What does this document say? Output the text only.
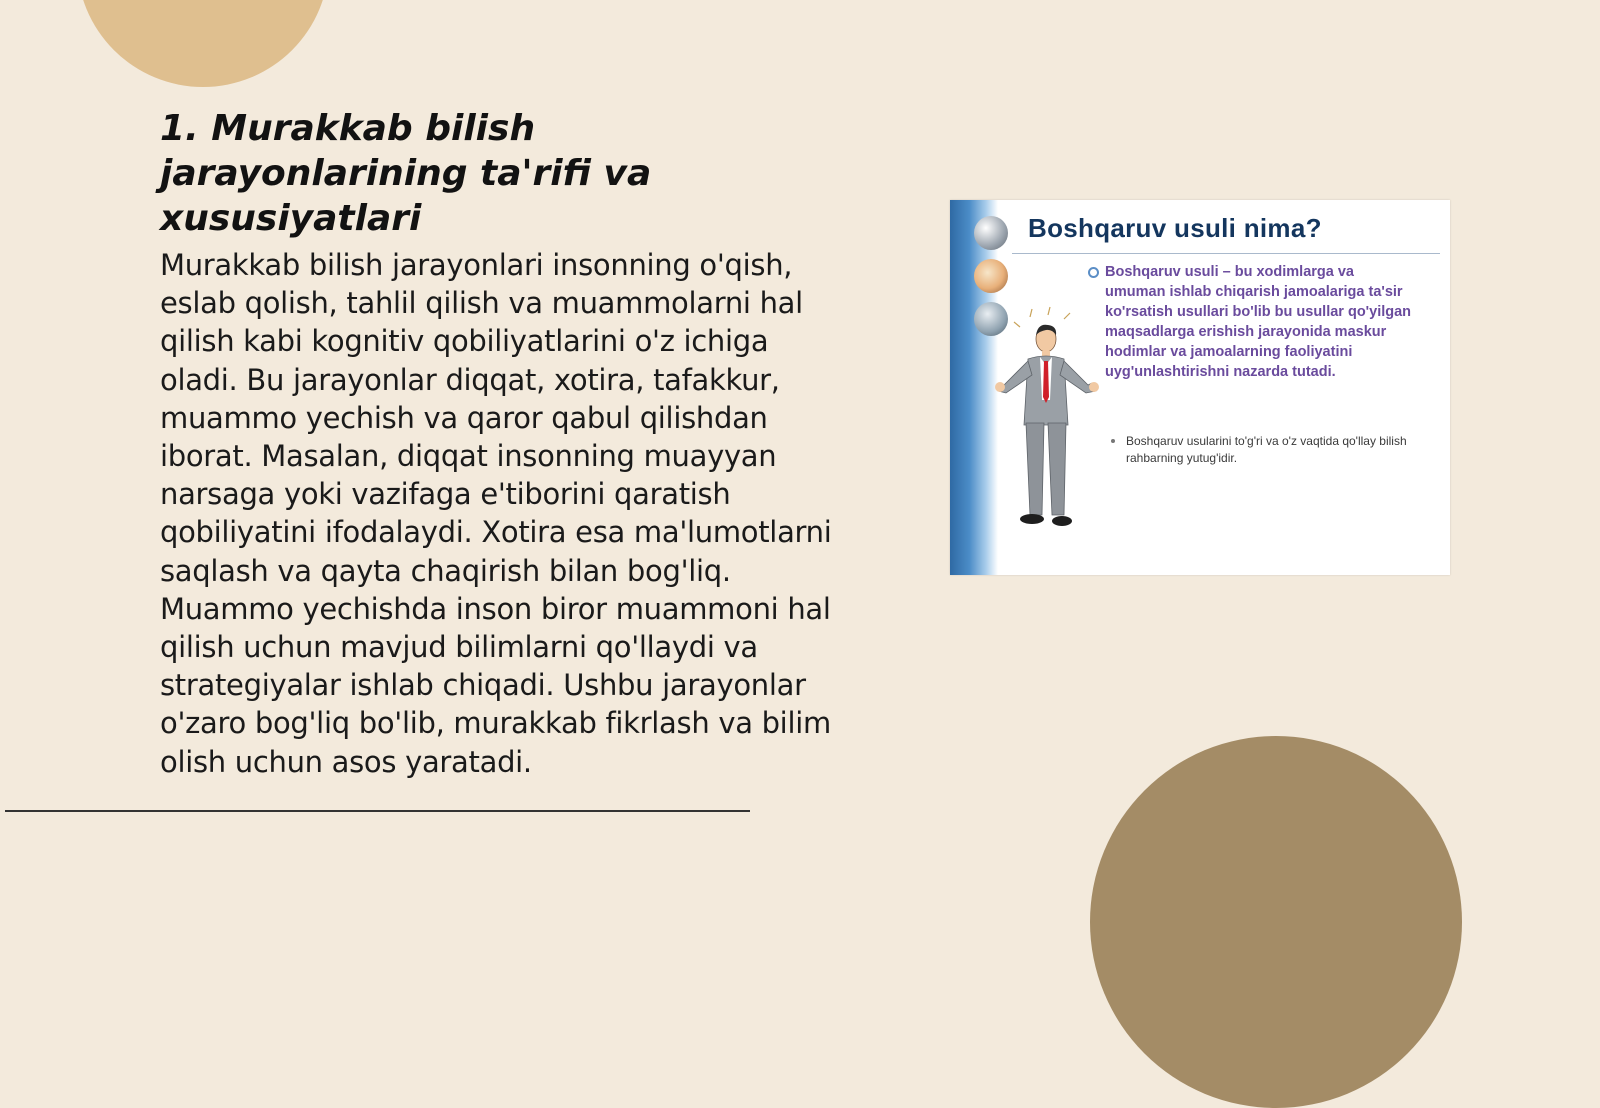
1. Murakkab bilish jarayonlarining ta'rifi va xususiyatlari

Murakkab bilish jarayonlari insonning o'qish, eslab qolish, tahlil qilish va muammolarni hal qilish kabi kognitiv qobiliyatlarini o'z ichiga oladi. Bu jarayonlar diqqat, xotira, tafakkur, muammo yechish va qaror qabul qilishdan iborat. Masalan, diqqat insonning muayyan narsaga yoki vazifaga e'tiborini qaratish qobiliyatini ifodalaydi. Xotira esa ma'lumotlarni saqlash va qayta chaqirish bilan bog'liq. Muammo yechishda inson biror muammoni hal qilish uchun mavjud bilimlarni qo'llaydi va strategiyalar ishlab chiqadi. Ushbu jarayonlar o'zaro bog'liq bo'lib, murakkab fikrlash va bilim olish uchun asos yaratadi.

Boshqaruv usuli nima?

Boshqaruv usuli – bu xodimlarga va umuman ishlab chiqarish jamoalariga ta'sir ko'rsatish usullari bo'lib bu usullar qo'yilgan maqsadlarga erishish jarayonida maskur hodimlar va jamoalarning faoliyatini uyg'unlashtirishni nazarda tutadi.

Boshqaruv usularini to'g'ri va o'z vaqtida qo'llay bilish rahbarning yutug'idir.
